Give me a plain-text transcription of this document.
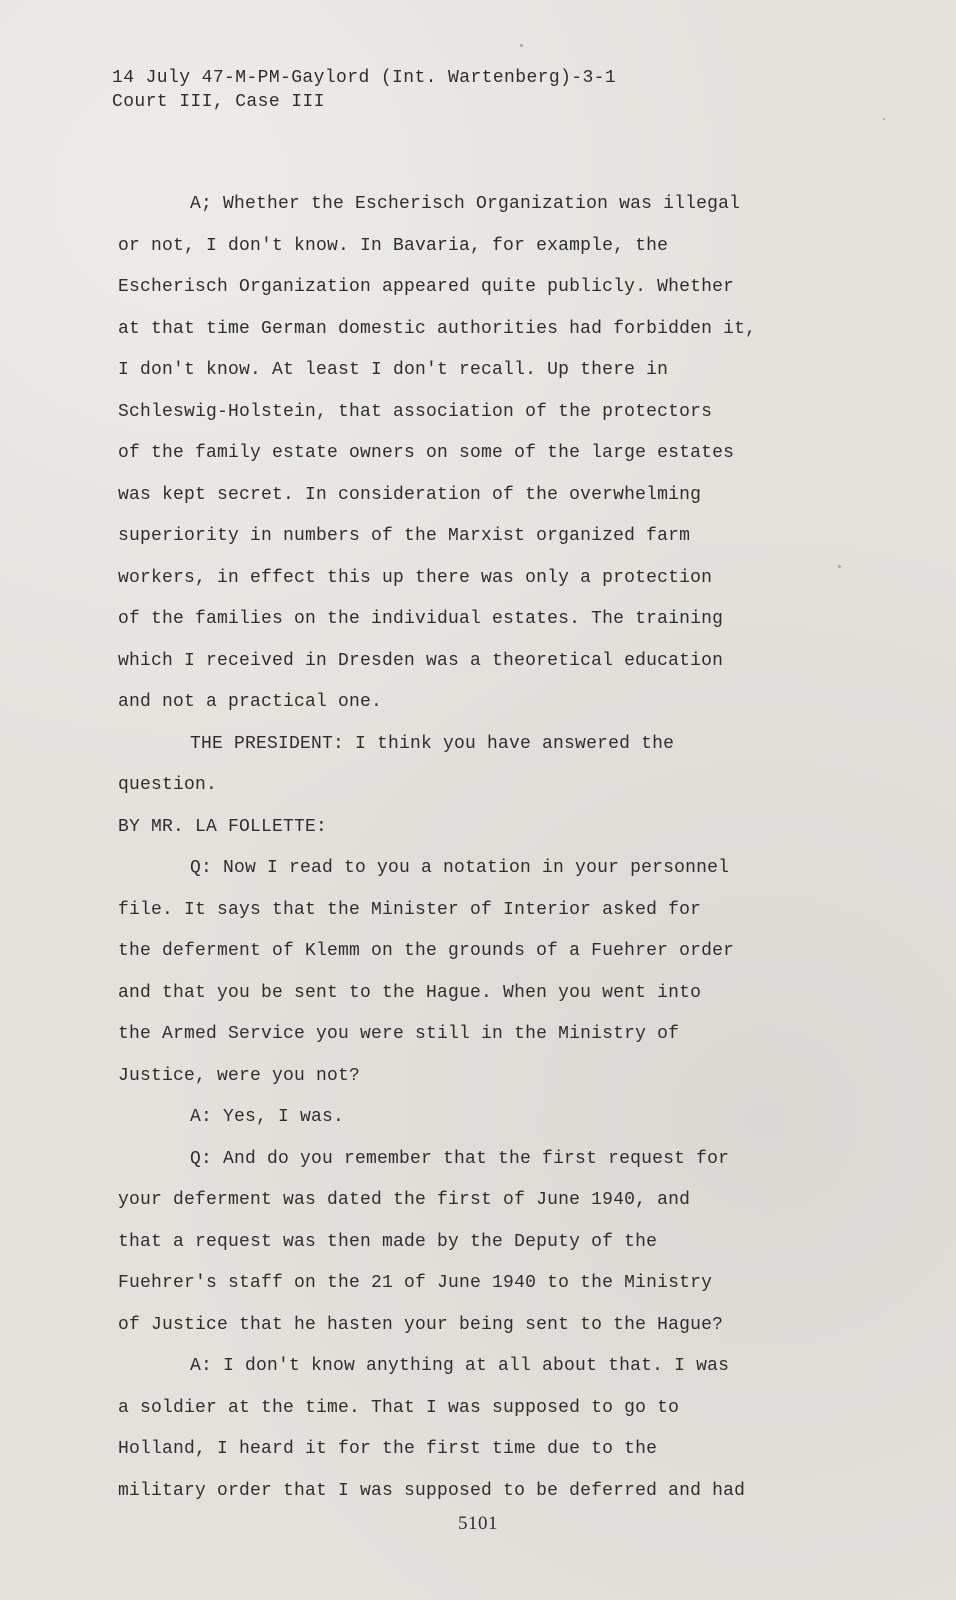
14 July 47-M-PM-Gaylord (Int. Wartenberg)-3-1
Court III, Case III
A; Whether the Escherisch Organization was illegal
or not, I don't know. In Bavaria, for example, the
Escherisch Organization appeared quite publicly. Whether
at that time German domestic authorities had forbidden it,
I don't know. At least I don't recall. Up there in
Schleswig-Holstein, that association of the protectors
of the family estate owners on some of the large estates
was kept secret. In consideration of the overwhelming
superiority in numbers of the Marxist organized farm
workers, in effect this up there was only a protection
of the families on the individual estates. The training
which I received in Dresden was a theoretical education
and not a practical one.
THE PRESIDENT: I think you have answered the
question.
BY MR. LA FOLLETTE:
Q: Now I read to you a notation in your personnel
file. It says that the Minister of Interior asked for
the deferment of Klemm on the grounds of a Fuehrer order
and that you be sent to the Hague. When you went into
the Armed Service you were still in the Ministry of
Justice, were you not?
A: Yes, I was.
Q: And do you remember that the first request for
your deferment was dated the first of June 1940, and
that a request was then made by the Deputy of the
Fuehrer's staff on the 21 of June 1940 to the Ministry
of Justice that he hasten your being sent to the Hague?
A: I don't know anything at all about that. I was
a soldier at the time. That I was supposed to go to
Holland, I heard it for the first time due to the
military order that I was supposed to be deferred and had
5101
